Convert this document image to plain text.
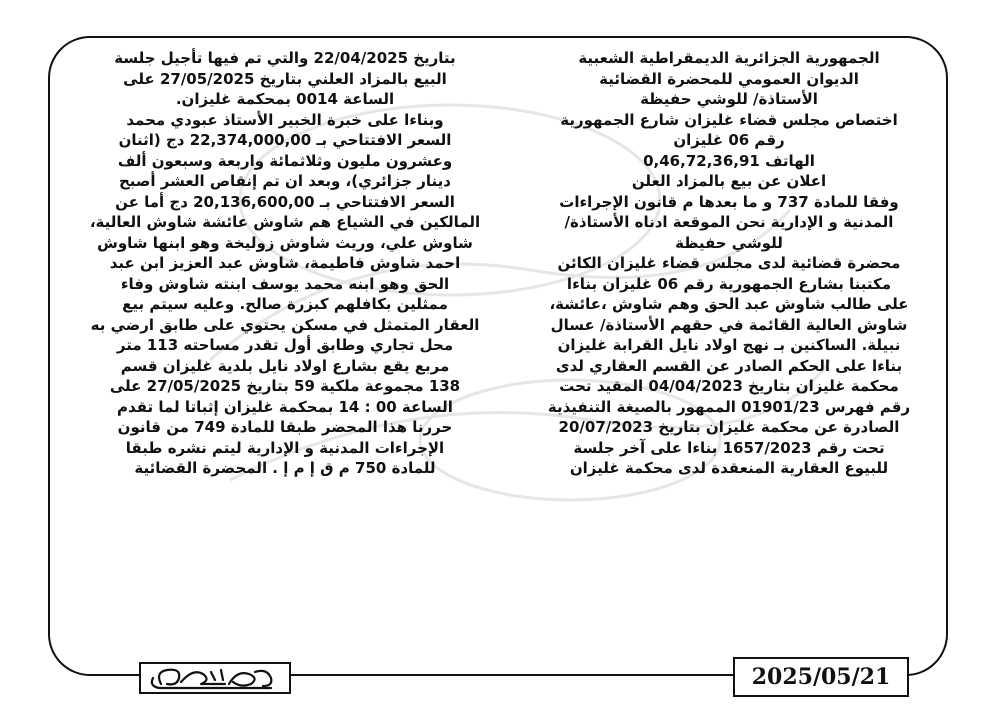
الجمهورية الجزائرية الديمقراطية الشعبية

الديوان العمومي للمحضرة القضائية

الأستاذة/ للوشي حفيظة

اختصاص مجلس قضاء غليزان شارع الجمهورية

رقم 06 غليزان

الهاتف 0,46,72,36,91

اعلان عن بيع بالمزاد العلن

وفقا للمادة 737 و ما بعدها م قانون الإجراءات

المدنية و الإدارية نحن الموقعة ادناه الأستاذة/

للوشي حفيظة

محضرة قضائية لدى مجلس قضاء غليزان الكائن

مكتبنا بشارع الجمهورية رقم 06 غليزان بناءا

على طالب شاوش عبد الحق وهم شاوش ،عائشة،

شاوش العالية القائمة في حقهم الأستاذة/ عسال

نبيلة. الساكنين بـ نهج اولاد نايل القرابة غليزان

بناءا على الحكم الصادر عن القسم العقاري لدى

محكمة غليزان بتاريخ 04/04/2023 المقيد تحت

رقم فهرس 01901/23 الممهور بالصيغة التنفيذية

الصادرة عن محكمة غليزان بتاريخ 20/07/2023

تحت رقم 1657/2023 بناءا على آخر جلسة

للبيوع العقارية المنعقدة لدى محكمة غليزان

بتاريخ 22/04/2025 والتي تم فيها تأجيل جلسة

البيع بالمزاد العلني بتاريخ 27/05/2025 على

الساعة 0014 بمحكمة غليزان.

وبناءا على خبرة الخبير الأستاذ عبودي محمد

السعر الافتتاحي بـ 22,374,000,00 دج (اثنان

وعشرون مليون وثلاثمائة واربعة وسبعون ألف

دينار جزائري)، وبعد ان تم إنقاص العشر أصبح

السعر الافتتاحي بـ 20,136,600,00 دج أما عن

المالكين في الشياع هم شاوش عائشة شاوش العالية،

شاوش علي، وريث شاوش زوليخة وهو ابنها شاوش

احمد شاوش فاطيمة، شاوش عبد العزيز ابن عبد

الحق وهو ابنه محمد يوسف ابنته شاوش وفاء

ممثلين بكافلهم كبزرة صالح. وعليه سيتم بيع

العقار المتمثل في مسكن يحتوي على طابق ارضي به

محل تجاري وطابق أول تقدر مساحته 113 متر

مربع يقع بشارع اولاد نايل بلدية غليزان قسم

138 مجموعة ملكية 59 بتاريخ 27/05/2025 على

الساعة 00 : 14 بمحكمة غليزان إثباتا لما تقدم

حررنا هذا المحضر طبقا للمادة 749 من قانون

الإجراءات المدنية و الإدارية ليتم نشره طبقا

للمادة 750 م ق إ م إ . المحضرة القضائية

2025/05/21
